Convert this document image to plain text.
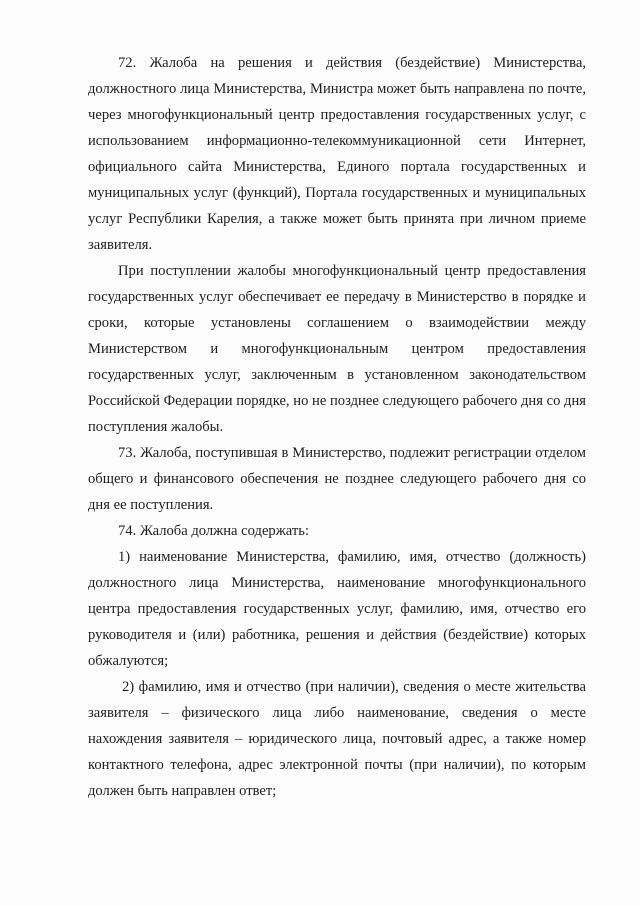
72. Жалоба на решения и действия (бездействие) Министерства, должностного лица Министерства, Министра может быть направлена по почте, через многофункциональный центр предоставления государственных услуг, с использованием информационно-телекоммуникационной сети Интернет, официального сайта Министерства, Единого портала государственных и муниципальных услуг (функций), Портала государственных и муниципальных услуг Республики Карелия, а также может быть принята при личном приеме заявителя.

При поступлении жалобы многофункциональный центр предоставления государственных услуг обеспечивает ее передачу в Министерство в порядке и сроки, которые установлены соглашением о взаимодействии между Министерством и многофункциональным центром предоставления государственных услуг, заключенным в установленном законодательством Российской Федерации порядке, но не позднее следующего рабочего дня со дня поступления жалобы.

73. Жалоба, поступившая в Министерство, подлежит регистрации отделом общего и финансового обеспечения не позднее следующего рабочего дня со дня ее поступления.

74. Жалоба должна содержать:

1) наименование Министерства, фамилию, имя, отчество (должность) должностного лица Министерства, наименование многофункционального центра предоставления государственных услуг, фамилию, имя, отчество его руководителя и (или) работника, решения и действия (бездействие) которых обжалуются;

2) фамилию, имя и отчество (при наличии), сведения о месте жительства заявителя – физического лица либо наименование, сведения о месте нахождения заявителя – юридического лица, почтовый адрес, а также номер контактного телефона, адрес электронной почты (при наличии), по которым должен быть направлен ответ;
